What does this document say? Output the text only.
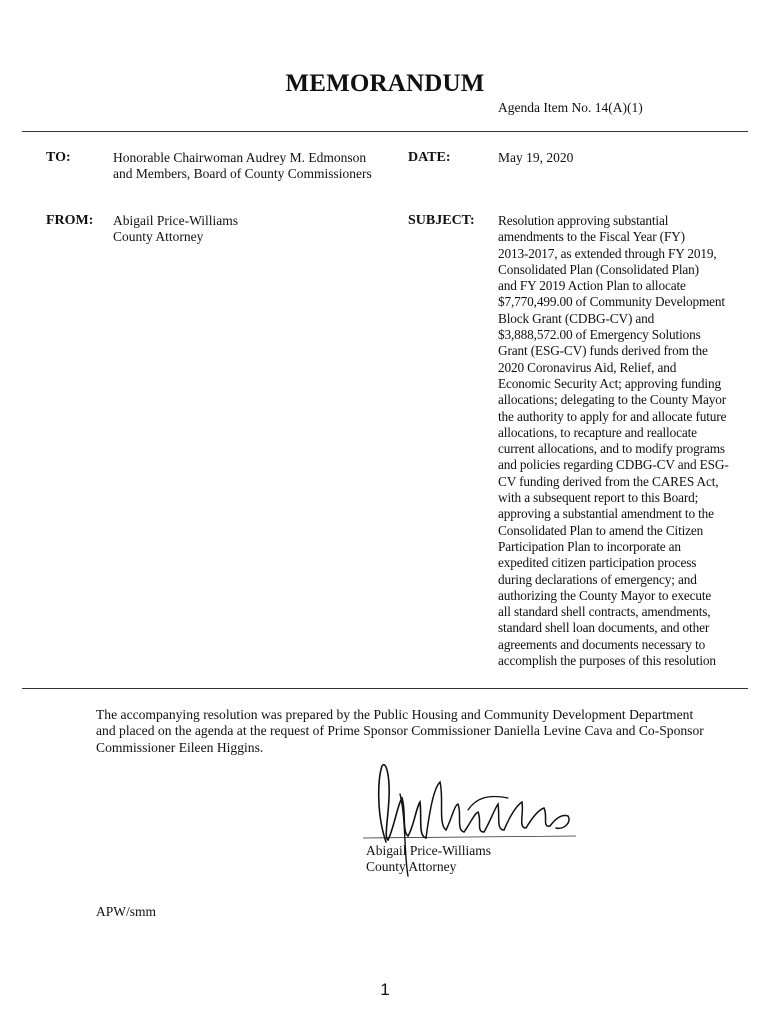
MEMORANDUM
Agenda Item No. 14(A)(1)
TO:	Honorable Chairwoman Audrey M. Edmonson
and Members, Board of County Commissioners
DATE:	May 19, 2020
FROM: Abigail Price-Williams
County Attorney
SUBJECT: Resolution approving substantial
amendments to the Fiscal Year (FY)
2013-2017, as extended through FY 2019,
Consolidated Plan (Consolidated Plan)
and FY 2019 Action Plan to allocate
$7,770,499.00 of Community Development
Block Grant (CDBG-CV) and
$3,888,572.00 of Emergency Solutions
Grant (ESG-CV) funds derived from the
2020 Coronavirus Aid, Relief, and
Economic Security Act; approving funding
allocations; delegating to the County Mayor
the authority to apply for and allocate future
allocations, to recapture and reallocate
current allocations, and to modify programs
and policies regarding CDBG-CV and ESG-
CV funding derived from the CARES Act,
with a subsequent report to this Board;
approving a substantial amendment to the
Consolidated Plan to amend the Citizen
Participation Plan to incorporate an
expedited citizen participation process
during declarations of emergency; and
authorizing the County Mayor to execute
all standard shell contracts, amendments,
standard shell loan documents, and other
agreements and documents necessary to
accomplish the purposes of this resolution
The accompanying resolution was prepared by the Public Housing and Community Development Department
and placed on the agenda at the request of Prime Sponsor Commissioner Daniella Levine Cava and Co-Sponsor
Commissioner Eileen Higgins.
Abigail Price-Williams
County Attorney
APW/smm
1
